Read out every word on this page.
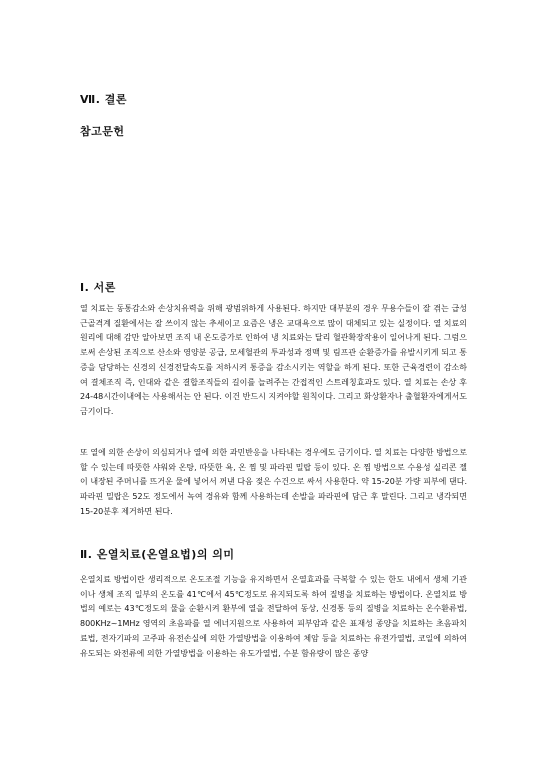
Ⅶ. 결론
참고문헌
Ⅰ. 서론

열 치료는 동통감소와 손상치유력을 위해 광범위하게 사용된다. 하지만 대부분의 경우 무용수들이 잘 겪는 급성 근골격계 질환에서는 잘 쓰이지 않는 추세이고 요즘은 냉은 교대욕으로 많이 대체되고 있는 실정이다. 열 치료의 원리에 대해 감만 알아보면 조직 내 온도증가로 인하여 냉 치료와는 달리 혈관확장작용이 일어나게 된다. 그럼으로써 손상된 조직으로 산소와 영양분 공급, 모세혈관의 투과성과 정맥 및 림프관 순환증가를 유발시키게 되고 통증을 담당하는 신경의 신경전달속도를 저하시켜 통증을 감소시키는 역할을 하게 된다. 또한 근육경련이 감소하여 결체조직 즉, 인대와 같은 결합조직들의 길이를 늘려주는 간접적인 스트레칭효과도 있다. 열 치료는 손상 후 24-48시간이내에는 사용해서는 안 된다. 이건 반드시 지켜야할 원칙이다. 그리고 화상환자나 출혈환자에게서도 금기이다.

또 열에 의한 손상이 의심되거나 열에 의한 과민반응을 나타내는 경우에도 금기이다. 열 치료는 다양한 방법으로 할 수 있는데 따뜻한 샤워와 온탕, 따뜻한 욕, 온 찜 및 파라핀 밀랍 등이 있다. 온 찜 방법으로 수용성 실리콘 젤이 내장된 주머니를 뜨거운 물에 넣어서 꺼낸 다음 젖은 수건으로 싸서 사용한다. 약 15-20분 가량 피부에 댄다. 파라핀 밀랍은 52도 정도에서 녹여 경유와 함께 사용하는데 손발을 파라핀에 담근 후 말린다. 그리고 냉각되면 15-20분후 제거하면 된다.

Ⅱ. 온열치료(온열요법)의 의미

온열치료 방법이란 생리적으로 온도조절 기능을 유지하면서 온열효과를 극복할 수 있는 한도 내에서 생체 기관이나 생체 조직 일부의 온도를 41℃에서 45℃정도로 유지되도록 하여 질병을 치료하는 방법이다. 온열치료 방법의 예로는 43℃정도의 물을 순환시켜 환부에 열을 전달하여 동상, 신경통 등의 질병을 치료하는 온수환류법, 800KHz~1MHz 영역의 초음파를 열 에너지원으로 사용하여 피부암과 같은 표재성 종양을 치료하는 초음파치료법, 전자기파의 고주파 유전손실에 의한 가열방법을 이용하여 체암 등을 치료하는 유전가열법, 코일에 의하여 유도되는 와전류에 의한 가열방법을 이용하는 유도가열법, 수분 함유량이 많은 종양
